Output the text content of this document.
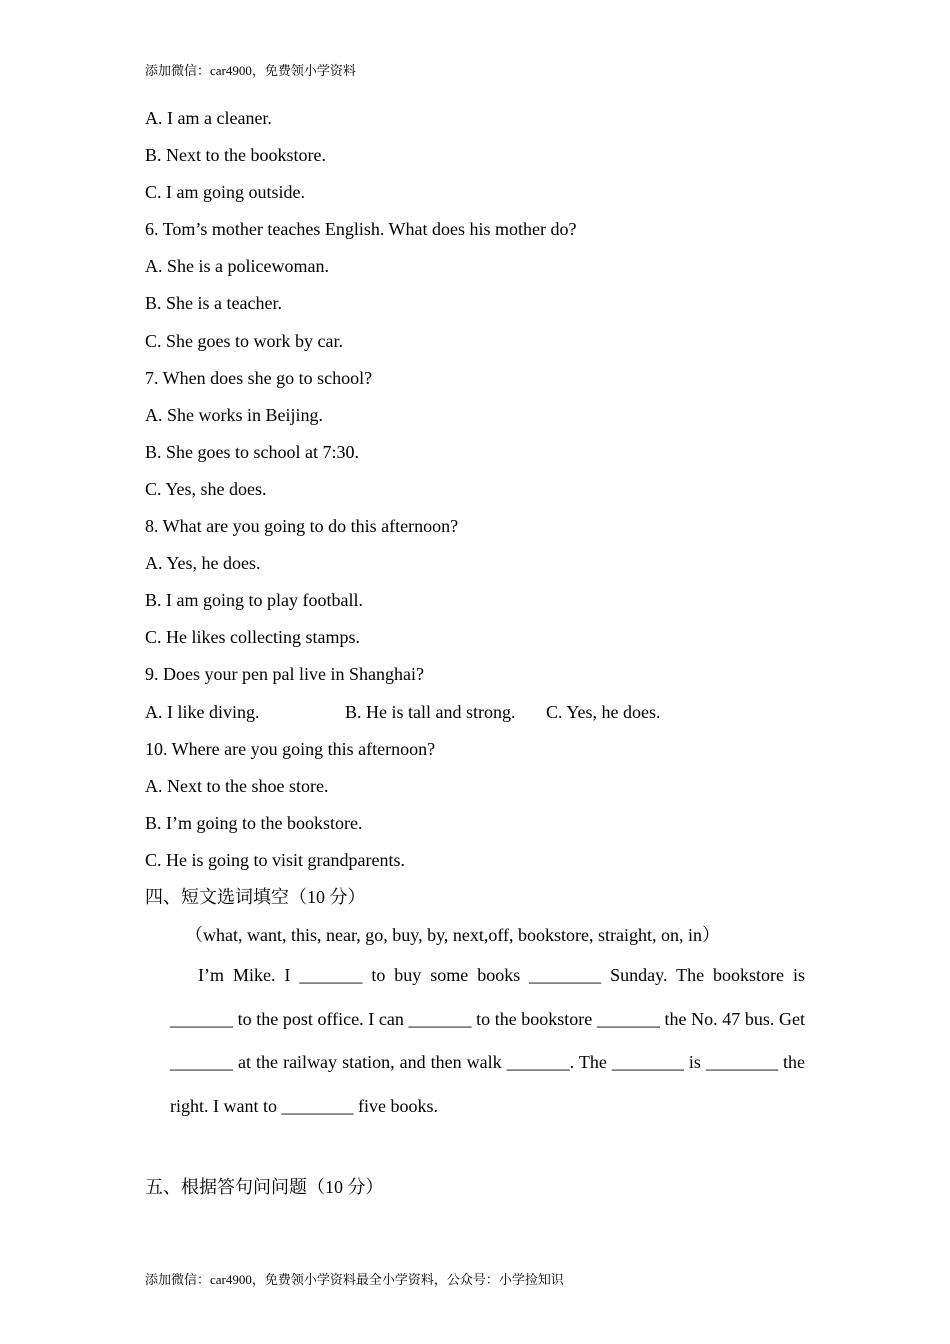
添加微信：car4900，免费领小学资料
A. I am a cleaner.
B. Next to the bookstore.
C. I am going outside.
6. Tom’s mother teaches English. What does his mother do?
A. She is a policewoman.
B. She is a teacher.
C. She goes to work by car.
7. When does she go to school?
A. She works in Beijing.
B. She goes to school at 7:30.
C. Yes, she does.
8. What are you going to do this afternoon?
A. Yes, he does.
B. I am going to play football.
C. He likes collecting stamps.
9. Does your pen pal live in Shanghai?
A. I like diving.	B. He is tall and strong.	C. Yes, he does.
10. Where are you going this afternoon?
A. Next to the shoe store.
B. I’m going to the bookstore.
C. He is going to visit grandparents.
四、短文选词填空（10 分）
（what, want, this, near, go, buy, by, next,off, bookstore, straight, on, in）
I’m Mike. I _______ to buy some books ________ Sunday. The bookstore is _______ to the post office. I can _______ to the bookstore _______ the No. 47 bus. Get _______ at the railway station, and then walk _______. The ________ is ________ the right. I want to ________ five books.
五、根据答句问问题（10 分）
添加微信：car4900，免费领小学资料最全小学资料，公众号：小学捡知识
